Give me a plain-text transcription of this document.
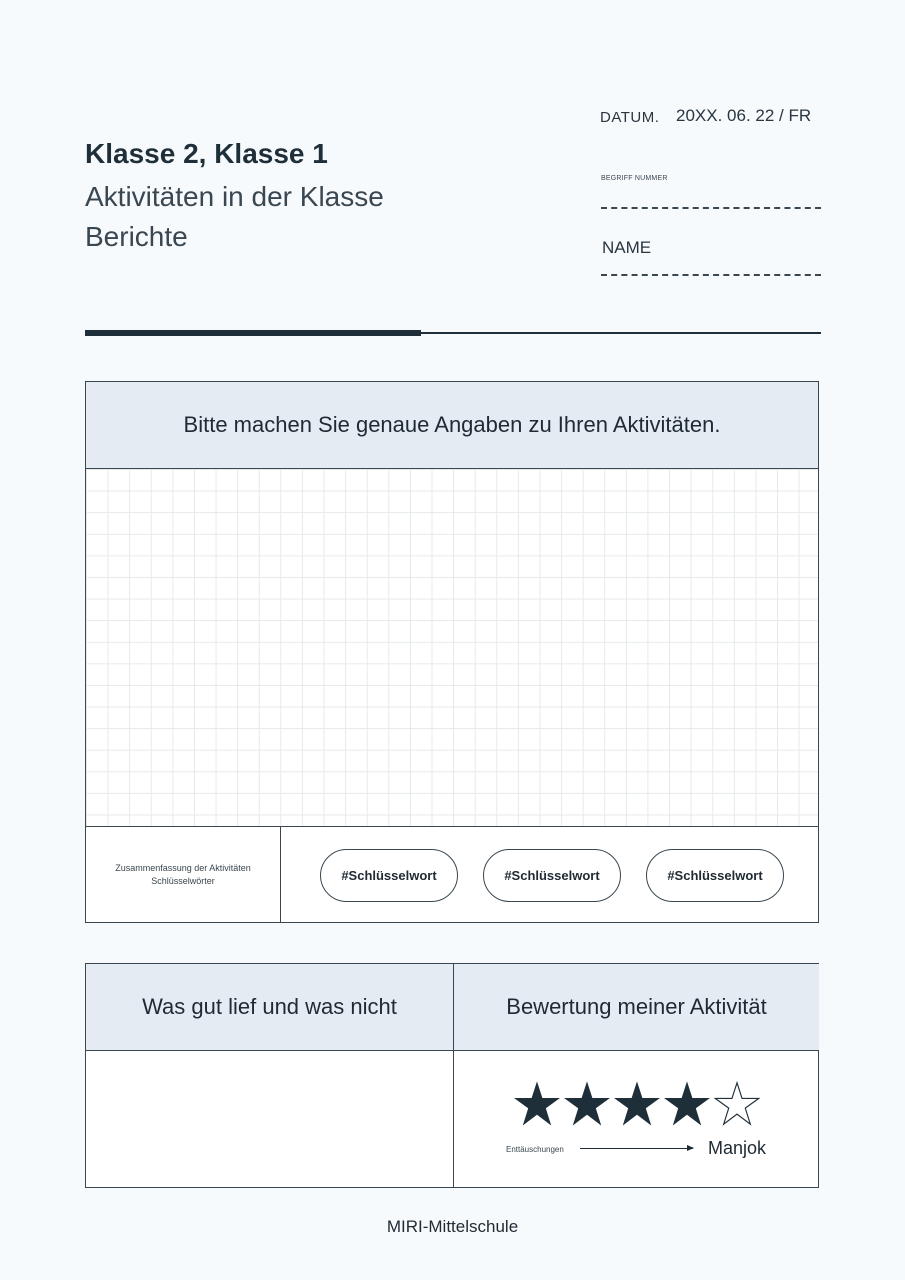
Klasse 2, Klasse 1
Aktivitäten in der Klasse Berichte
DATUM. 20XX. 06. 22 / FR
BEGRIFF NUMMER
NAME
Bitte machen Sie genaue Angaben zu Ihren Aktivitäten.
Zusammenfassung der Aktivitäten
Schlüsselwörter	#Schlüsselwort	#Schlüsselwort	#Schlüsselwort
Was gut lief und was nicht	Bewertung meiner Aktivität
Enttäuschungen	Manjok
MIRI-Mittelschule
